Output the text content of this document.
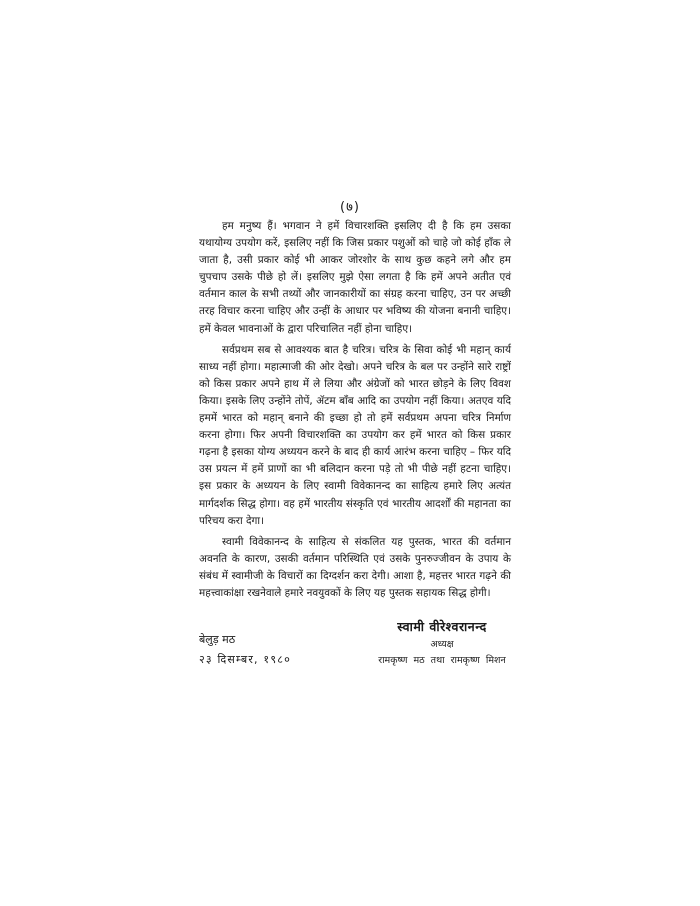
(७)

हम मनुष्य हैं। भगवान ने हमें विचारशक्ति इसलिए दी है कि हम उसका यथायोग्य उपयोग करें, इसलिए नहीं कि जिस प्रकार पशुओं को चाहे जो कोई हाँक ले जाता है, उसी प्रकार कोई भी आकर जोरशोर के साथ कुछ कहने लगे और हम चुपचाप उसके पीछे हो लें। इसलिए मुझे ऐसा लगता है कि हमें अपने अतीत एवं वर्तमान काल के सभी तथ्यों और जानकारीयों का संग्रह करना चाहिए, उन पर अच्छी तरह विचार करना चाहिए और उन्हीं के आधार पर भविष्य की योजना बनानी चाहिए। हमें केवल भावनाओं के द्वारा परिचालित नहीं होना चाहिए।

सर्वप्रथम सब से आवश्यक बात है चरित्र। चरित्र के सिवा कोई भी महान् कार्य साध्य नहीं होगा। महात्माजी की ओर देखो। अपने चरित्र के बल पर उन्होंने सारे राष्ट्रों को किस प्रकार अपने हाथ में ले लिया और अंग्रेजों को भारत छोड़ने के लिए विवश किया। इसके लिए उन्होंने तोपें, ॲटम बॉंब आदि का उपयोग नहीं किया। अतएव यदि हममें भारत को महान् बनाने की इच्छा हो तो हमें सर्वप्रथम अपना चरित्र निर्माण करना होगा। फिर अपनी विचारशक्ति का उपयोग कर हमें भारत को किस प्रकार गढ़ना है इसका योग्य अध्ययन करने के बाद ही कार्य आरंभ करना चाहिए – फिर यदि उस प्रयत्न में हमें प्राणों का भी बलिदान करना पड़े तो भी पीछे नहीं हटना चाहिए। इस प्रकार के अध्ययन के लिए स्वामी विवेकानन्द का साहित्य हमारे लिए अत्यंत मार्गदर्शक सिद्ध होगा। वह हमें भारतीय संस्कृति एवं भारतीय आदर्शों की महानता का परिचय करा देगा।

स्वामी विवेकानन्द के साहित्य से संकलित यह पुस्तक, भारत की वर्तमान अवनति के कारण, उसकी वर्तमान परिस्थिति एवं उसके पुनरुज्जीवन के उपाय के संबंध में स्वामीजी के विचारों का दिग्दर्शन करा देगी। आशा है, महत्तर भारत गढ़ने की महत्त्वाकांक्षा रखनेवाले हमारे नवयुवकों के लिए यह पुस्तक सहायक सिद्ध होगी।

बेलुड़ मठ
२३ दिसम्बर, १९८०
स्वामी वीरेश्वरानन्द
अध्यक्ष
रामकृष्ण मठ तथा रामकृष्ण मिशन
